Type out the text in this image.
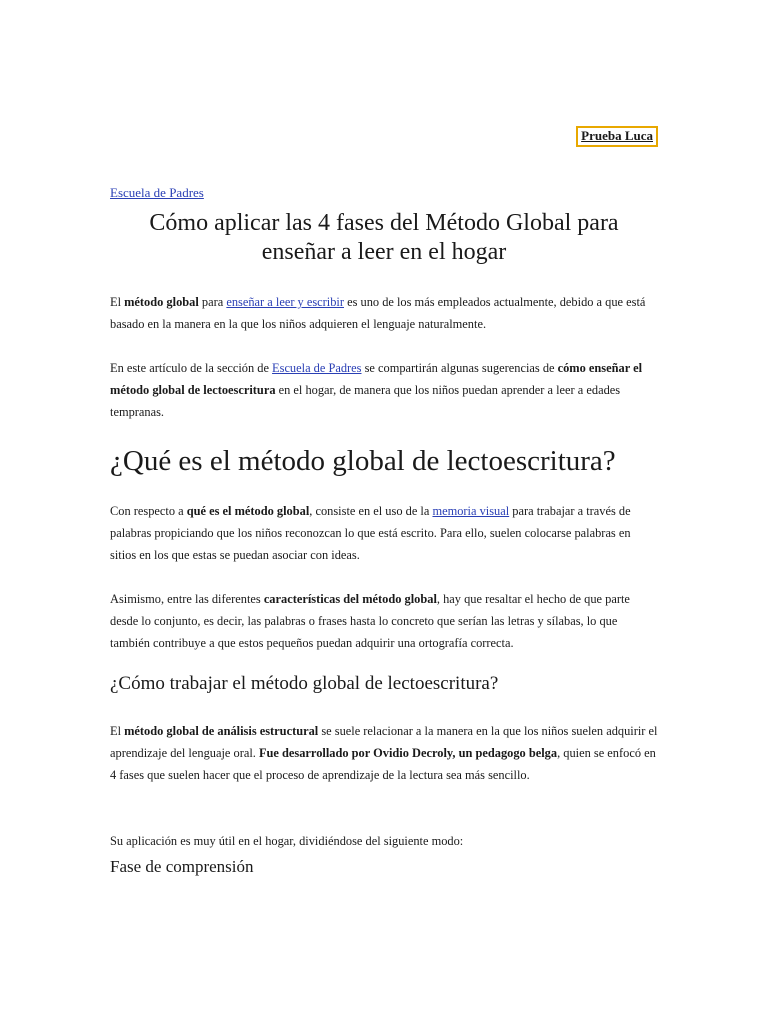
Prueba Luca
Escuela de Padres
Cómo aplicar las 4 fases del Método Global para enseñar a leer en el hogar

El método global para enseñar a leer y escribir es uno de los más empleados actualmente, debido a que está basado en la manera en la que los niños adquieren el lenguaje naturalmente.

En este artículo de la sección de Escuela de Padres se compartirán algunas sugerencias de cómo enseñar el método global de lectoescritura en el hogar, de manera que los niños puedan aprender a leer a edades tempranas.

¿Qué es el método global de lectoescritura?

Con respecto a qué es el método global, consiste en el uso de la memoria visual para trabajar a través de palabras propiciando que los niños reconozcan lo que está escrito. Para ello, suelen colocarse palabras en sitios en los que estas se puedan asociar con ideas.

Asimismo, entre las diferentes características del método global, hay que resaltar el hecho de que parte desde lo conjunto, es decir, las palabras o frases hasta lo concreto que serían las letras y sílabas, lo que también contribuye a que estos pequeños puedan adquirir una ortografía correcta.

¿Cómo trabajar el método global de lectoescritura?

El método global de análisis estructural se suele relacionar a la manera en la que los niños suelen adquirir el aprendizaje del lenguaje oral. Fue desarrollado por Ovidio Decroly, un pedagogo belga, quien se enfocó en 4 fases que suelen hacer que el proceso de aprendizaje de la lectura sea más sencillo.

Su aplicación es muy útil en el hogar, dividiéndose del siguiente modo:

Fase de comprensión
